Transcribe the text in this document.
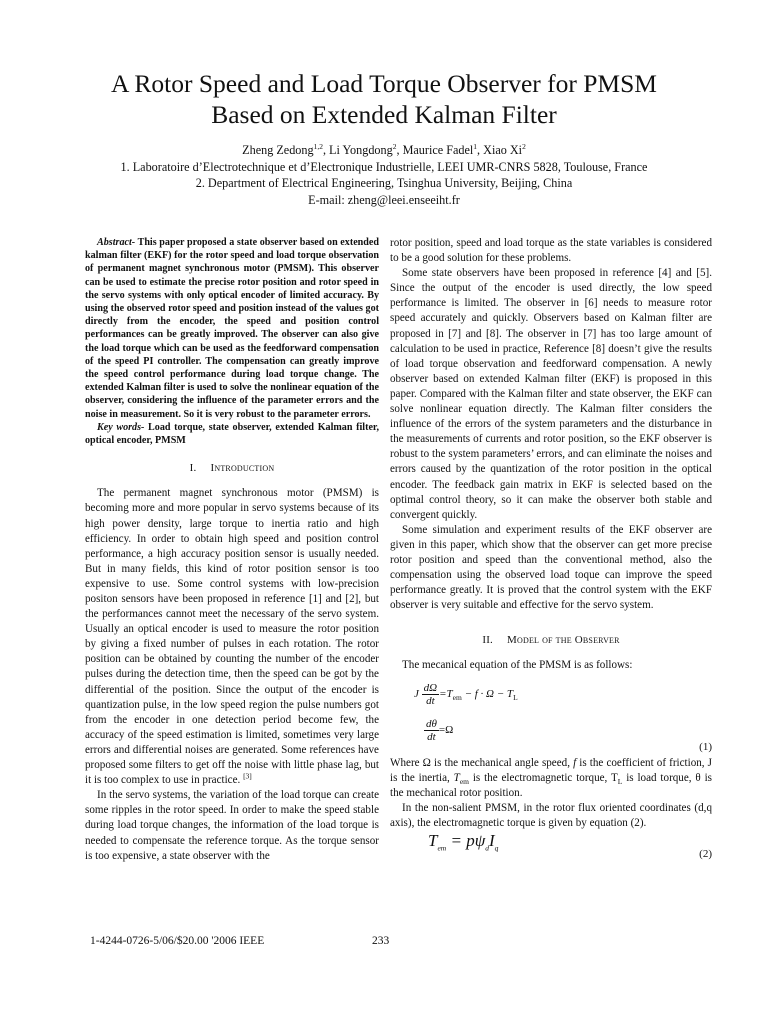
A Rotor Speed and Load Torque Observer for PMSM
Based on Extended Kalman Filter
Zheng Zedong$^{1,2}$, Li Yongdong$^2$, Maurice Fadel$^1$, Xiao Xi$^2$
1. Laboratoire d’Electrotechnique et d’Electronique Industrielle, LEEI UMR-CNRS 5828, Toulouse, France
2. Department of Electrical Engineering, Tsinghua University, Beijing, China
E-mail: zheng@leei.enseeiht.fr

Abstract- This paper proposed a state observer based on extended kalman filter (EKF) for the rotor speed and load torque observation of permanent magnet synchronous motor (PMSM). This observer can be used to estimate the precise rotor position and rotor speed in the servo systems with only optical encoder of limited accuracy. By using the observed rotor speed and position instead of the values got directly from the encoder, the speed and position control performances can be greatly improved. The observer can also give the load torque which can be used as the feedforward compensation of the speed PI controller. The compensation can greatly improve the speed control performance during load torque change. The extended Kalman filter is used to solve the nonlinear equation of the observer, considering the influence of the parameter errors and the noise in measurement. So it is very robust to the parameter errors.

Key words- Load torque, state observer, extended Kalman filter, optical encoder, PMSM

I. Introduction

The permanent magnet synchronous motor (PMSM) is becoming more and more popular in servo systems because of its high power density, large torque to inertia ratio and high efficiency. In order to obtain high speed and position control performance, a high accuracy position sensor is usually needed. But in many fields, this kind of rotor position sensor is too expensive to use. Some control systems with low-precision positon sensors have been proposed in reference [1] and [2], but the performances cannot meet the necessary of the servo system. Usually an optical encoder is used to measure the rotor position by giving a fixed number of pulses in each rotation. The rotor position can be obtained by counting the number of the encoder pulses during the detection time, then the speed can be got by the differential of the position. Since the output of the encoder is quantization pulse, in the low speed region the pulse numbers got from the encoder in one detection period become few, the accuracy of the speed estimation is limited, sometimes very large errors and differential noises are generated. Some references have proposed some filters to get off the noise with little phase lag, but it is too complex to use in practice. [3]

In the servo systems, the variation of the load torque can create some ripples in the rotor speed. In order to make the speed stable during load torque changes, the information of the load torque is needed to compensate the reference torque. As the torque sensor is too expensive, a state observer with the

rotor position, speed and load torque as the state variables is considered to be a good solution for these problems.

Some state observers have been proposed in reference [4] and [5]. Since the output of the encoder is used directly, the low speed performance is limited. The observer in [6] needs to measure rotor speed accurately and quickly. Observers based on Kalman filter are proposed in [7] and [8]. The observer in [7] has too large amount of calculation to be used in practice, Reference [8] doesn’t give the results of load torque observation and feedforward compensation. A newly observer based on extended Kalman filter (EKF) is proposed in this paper. Compared with the Kalman filter and state observer, the EKF can solve nonlinear equation directly. The Kalman filter considers the influence of the errors of the system parameters and the disturbance in the measurements of currents and rotor position, so the EKF observer is robust to the system parameters’ errors, and can eliminate the noises and errors caused by the quantization of the rotor position in the optical encoder. The feedback gain matrix in EKF is selected based on the optimal control theory, so it can make the observer both stable and convergent quickly.

Some simulation and experiment results of the EKF observer are given in this paper, which show that the observer can get more precise rotor position and speed than the conventional method, also the compensation using the observed load toque can improve the speed performance greatly. It is proved that the control system with the EKF observer is very suitable and effective for the servo system.

II. Model of the Observer

The mecanical equation of the PMSM is as follows:

J $\frac{d\Omega}{dt} =T_{em} - f \cdot \Omega - T_L$
$\frac{d\theta}{dt} =\Omega$
(1)

Where Ω is the mechanical angle speed, f is the coefficient of friction, J is the inertia, $T_{em}$ is the electromagnetic torque, $T_L$ is load torque, θ is the mechanical rotor position.

In the non-salient PMSM, in the rotor flux oriented coordinates (d,q axis), the electromagnetic torque is given by equation (2).

$T_{em} = p\psi_dI_q$
(2)
1-4244-0726-5/06/$20.00 '2006 IEEE	233
